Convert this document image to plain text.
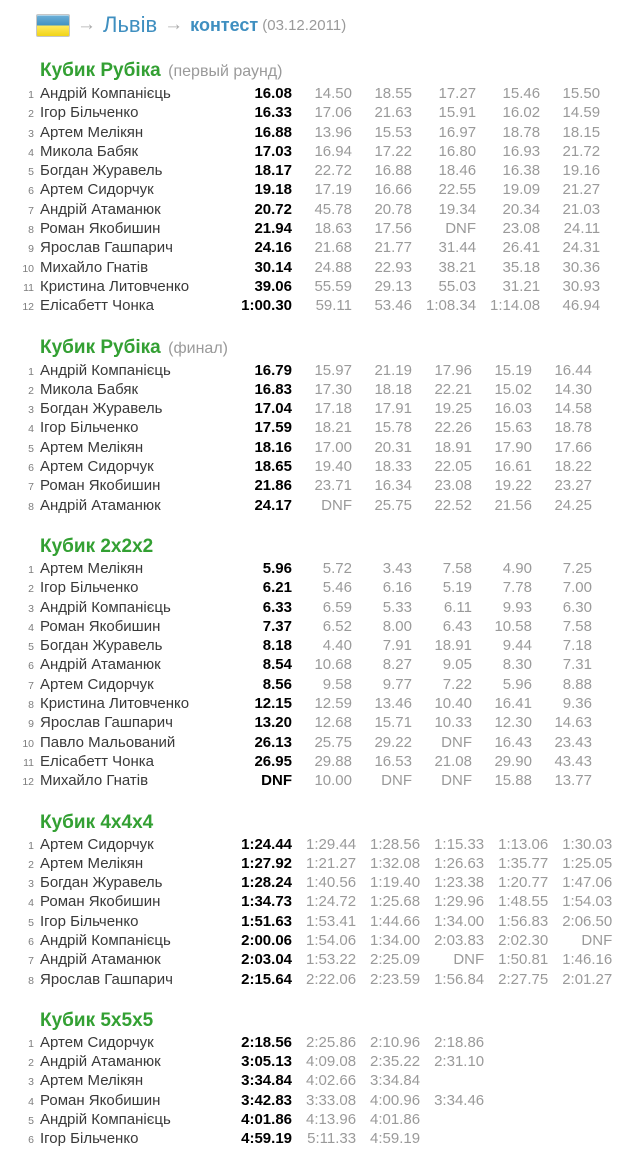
→ Львів → контест (03.12.2011)
Кубик Рубіка (первый раунд)
1	Андрій Компанієць	16.08	14.50	18.55	17.27	15.46	15.50
2	Ігор Більченко	16.33	17.06	21.63	15.91	16.02	14.59
3	Артем Мелікян	16.88	13.96	15.53	16.97	18.78	18.15
4	Микола Бабяк	17.03	16.94	17.22	16.80	16.93	21.72
5	Богдан Журавель	18.17	22.72	16.88	18.46	16.38	19.16
6	Артем Сидорчук	19.18	17.19	16.66	22.55	19.09	21.27
7	Андрій Атаманюк	20.72	45.78	20.78	19.34	20.34	21.03
8	Роман Якобишин	21.94	18.63	17.56	DNF	23.08	24.11
9	Ярослав Гашпарич	24.16	21.68	21.77	31.44	26.41	24.31
10	Михайло Гнатів	30.14	24.88	22.93	38.21	35.18	30.36
11	Кристина Литовченко	39.06	55.59	29.13	55.03	31.21	30.93
12	Елісабетт Чонка	1:00.30	59.11	53.46	1:08.34	1:14.08	46.94
Кубик Рубіка (финал)
1	Андрій Компанієць	16.79	15.97	21.19	17.96	15.19	16.44
2	Микола Бабяк	16.83	17.30	18.18	22.21	15.02	14.30
3	Богдан Журавель	17.04	17.18	17.91	19.25	16.03	14.58
4	Ігор Більченко	17.59	18.21	15.78	22.26	15.63	18.78
5	Артем Мелікян	18.16	17.00	20.31	18.91	17.90	17.66
6	Артем Сидорчук	18.65	19.40	18.33	22.05	16.61	18.22
7	Роман Якобишин	21.86	23.71	16.34	23.08	19.22	23.27
8	Андрій Атаманюк	24.17	DNF	25.75	22.52	21.56	24.25
Кубик 2x2x2
1	Артем Мелікян	5.96	5.72	3.43	7.58	4.90	7.25
2	Ігор Більченко	6.21	5.46	6.16	5.19	7.78	7.00
3	Андрій Компанієць	6.33	6.59	5.33	6.11	9.93	6.30
4	Роман Якобишин	7.37	6.52	8.00	6.43	10.58	7.58
5	Богдан Журавель	8.18	4.40	7.91	18.91	9.44	7.18
6	Андрій Атаманюк	8.54	10.68	8.27	9.05	8.30	7.31
7	Артем Сидорчук	8.56	9.58	9.77	7.22	5.96	8.88
8	Кристина Литовченко	12.15	12.59	13.46	10.40	16.41	9.36
9	Ярослав Гашпарич	13.20	12.68	15.71	10.33	12.30	14.63
10	Павло Мальований	26.13	25.75	29.22	DNF	16.43	23.43
11	Елісабетт Чонка	26.95	29.88	16.53	21.08	29.90	43.43
12	Михайло Гнатів	DNF	10.00	DNF	DNF	15.88	13.77
Кубик 4x4x4
1	Артем Сидорчук	1:24.44	1:29.44	1:28.56	1:15.33	1:13.06	1:30.03
2	Артем Мелікян	1:27.92	1:21.27	1:32.08	1:26.63	1:35.77	1:25.05
3	Богдан Журавель	1:28.24	1:40.56	1:19.40	1:23.38	1:20.77	1:47.06
4	Роман Якобишин	1:34.73	1:24.72	1:25.68	1:29.96	1:48.55	1:54.03
5	Ігор Більченко	1:51.63	1:53.41	1:44.66	1:34.00	1:56.83	2:06.50
6	Андрій Компанієць	2:00.06	1:54.06	1:34.00	2:03.83	2:02.30	DNF
7	Андрій Атаманюк	2:03.04	1:53.22	2:25.09	DNF	1:50.81	1:46.16
8	Ярослав Гашпарич	2:15.64	2:22.06	2:23.59	1:56.84	2:27.75	2:01.27
Кубик 5x5x5
1	Артем Сидорчук	2:18.56	2:25.86	2:10.96	2:18.86
2	Андрій Атаманюк	3:05.13	4:09.08	2:35.22	2:31.10
3	Артем Мелікян	3:34.84	4:02.66	3:34.84	
4	Роман Якобишин	3:42.83	3:33.08	4:00.96	3:34.46
5	Андрій Компанієць	4:01.86	4:13.96	4:01.86	
6	Ігор Більченко	4:59.19	5:11.33	4:59.19	
